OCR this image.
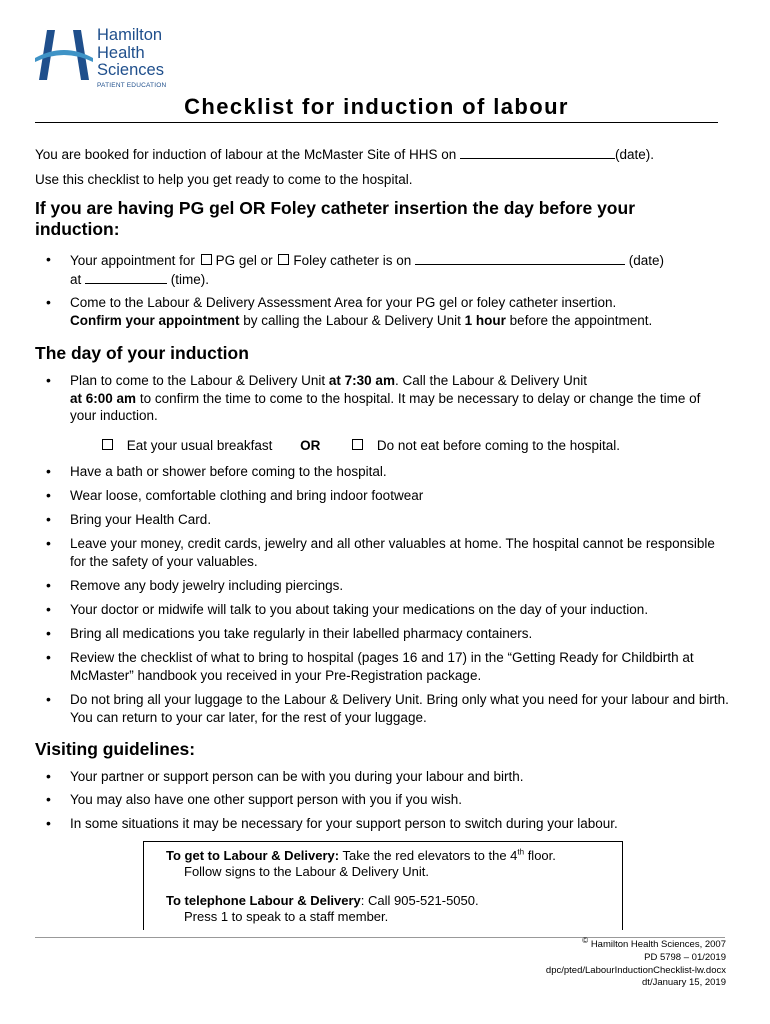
Hamilton
Health
Sciences
PATIENT EDUCATION
Checklist for induction of labour
You are booked for induction of labour at the McMaster Site of HHS on	(date).
Use this checklist to help you get ready to come to the hospital.
If you are having PG gel OR Foley catheter insertion the day before your induction:
• Your appointment for PG gel or Foley catheter is on	(date)
at	(time).
• Come to the Labour & Delivery Assessment Area for your PG gel or foley catheter insertion.
Confirm your appointment by calling the Labour & Delivery Unit 1 hour before the appointment.
The day of your induction
• Plan to come to the Labour & Delivery Unit at 7:30 am. Call the Labour & Delivery Unit
at 6:00 am to confirm the time to come to the hospital. It may be necessary to delay or change the time of your induction.
Eat your usual breakfast OR	Do not eat before coming to the hospital.
• Have a bath or shower before coming to the hospital.
• Wear loose, comfortable clothing and bring indoor footwear
• Bring your Health Card.
• Leave your money, credit cards, jewelry and all other valuables at home. The hospital cannot be responsible for the safety of your valuables.
• Remove any body jewelry including piercings.
• Your doctor or midwife will talk to you about taking your medications on the day of your induction.
• Bring all medications you take regularly in their labelled pharmacy containers.
• Review the checklist of what to bring to hospital (pages 16 and 17) in the “Getting Ready for Childbirth at McMaster” handbook you received in your Pre-Registration package.
• Do not bring all your luggage to the Labour & Delivery Unit. Bring only what you need for your labour and birth. You can return to your car later, for the rest of your luggage.
Visiting guidelines:
• Your partner or support person can be with you during your labour and birth.
• You may also have one other support person with you if you wish.
• In some situations it may be necessary for your support person to switch during your labour.
To get to Labour & Delivery: Take the red elevators to the 4th floor.
Follow signs to the Labour & Delivery Unit.
To telephone Labour & Delivery: Call 905-521-5050.
Press 1 to speak to a staff member.
© Hamilton Health Sciences, 2007
PD 5798 – 01/2019
dpc/pted/LabourInductionChecklist-lw.docx
dt/January 15, 2019
